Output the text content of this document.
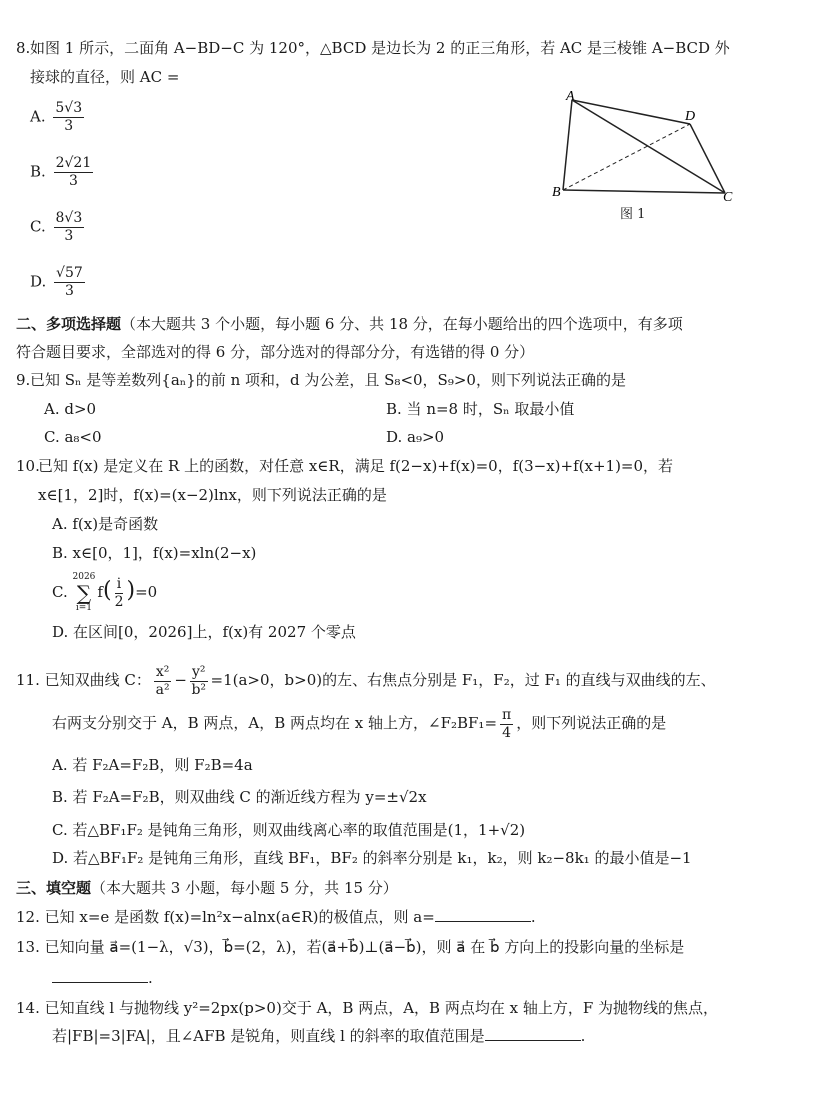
8. 如图 1 所示，二面角 A−BD−C 为 120°，△BCD 是边长为 2 的正三角形，若 AC 是三棱锥 A−BCD 外
接球的直径，则 AC =
A. $\frac{5√3}{3}$
B. $\frac{2√21}{3}$
C. $\frac{8√3}{3}$
D. $\frac{√57}{3}$
A
D
B	C
图 1
二、多项选择题（本大题共 3 个小题，每小题 6 分、共 18 分，在每小题给出的四个选项中，有多项
符合题目要求，全部选对的得 6 分，部分选对的得部分分，有选错的得 0 分）
9. 已知 Sₙ 是等差数列{aₙ}的前 n 项和，d 为公差，且 S₈<0，S₉>0，则下列说法正确的是
A. d>0	B. 当 n=8 时，Sₙ 取最小值
C. a₈<0	D. a₉>0
10.
已知 f(x) 是定义在 R 上的函数，对任意 x∈R，满足 f(2−x)+f(x)=0，f(3−x)+f(x+1)=0，若
x∈[1，2]时，f(x)=(x−2)lnx，则下列说法正确的是
A. f(x)是奇函数
B. x∈[0，1]，f(x)=xln(2−x)
C.
2026
∑
i=1
$f( \frac{i}{2} )=0$
D. 在区间[0，2026]上，f(x)有 2027 个零点
11. 已知双曲线 C： $\frac{\text{x²}}{\text{a²}} - \frac{\text{y²}}{\text{b²}} =1(a>0$，b>0)的左、右焦点分别是 F₁，F₂，过 F₁ 的直线与双曲线的左、
右两支分别交于 A，B 两点，A，B 两点均在 x 轴上方，∠F₂BF₁= $\frac{\pi}{4}$ ，则下列说法正确的是
A. 若 F₂A=F₂B，则 F₂B=4a
B. 若 F₂A=F₂B，则双曲线 C 的渐近线方程为 y=±√2x
C. 若△BF₁F₂ 是钝角三角形，则双曲线离心率的取值范围是(1，1+√2)
D. 若△BF₁F₂ 是钝角三角形，直线 BF₁，BF₂ 的斜率分别是 k₁，k₂，则 k₂−8k₁ 的最小值是−1
三、填空题（本大题共 3 小题，每小题 5 分，共 15 分）
12. 已知 x=e 是函数 f(x)=ln²x−alnx(a∈R)的极值点，则 a=	.
13. 已知向量 a⃗=(1−λ，√3)，b⃗=(2，λ)，若(a⃗+b⃗)⊥(a⃗−b⃗)，则 a⃗ 在 b⃗ 方向上的投影向量的坐标是
.
14. 已知直线 l 与抛物线 y²=2px(p>0)交于 A，B 两点，A，B 两点均在 x 轴上方，F 为抛物线的焦点，
若|FB|=3|FA|，且∠AFB 是锐角，则直线 l 的斜率的取值范围是	.
